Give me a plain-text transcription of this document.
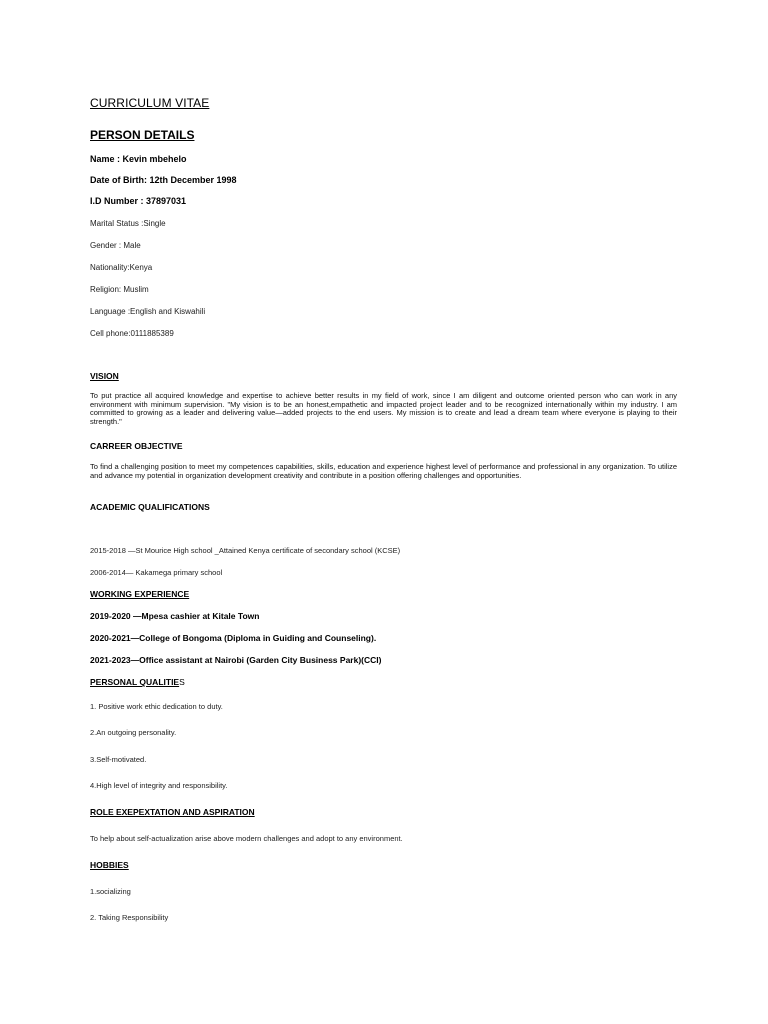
CURRICULUM VITAE
PERSON DETAILS
Name : Kevin mbehelo
Date of Birth: 12th December 1998
I.D Number : 37897031
Marital Status :Single
Gender : Male
Nationality:Kenya
Religion: Muslim
Language :English and Kiswahili
Cell phone:0111885389
VISION
To put practice all acquired knowledge and expertise to achieve better results in my field of work, since I am diligent and outcome oriented person who can work in any environment with minimum supervision. "My vision is to be an honest,empathetic and impacted project leader and to be recognized internationally within my industry. I am committed to growing as a leader and delivering value—added projects to the end users. My mission is to create and lead a dream team where everyone is playing to their strength."
CARREER OBJECTIVE
To find a challenging position to meet my competences capabilities, skills, education and experience highest level of performance and professional in any organization. To utilize and advance my potential in organization development creativity and contribute in a position offering challenges and opportunities.
ACADEMIC QUALIFICATIONS
2015-2018 —St Mourice High school _Attained Kenya certificate of secondary school (KCSE)
2006-2014— Kakamega primary school
WORKING EXPERIENCE
2019-2020 —Mpesa cashier at Kitale Town
2020-2021—College of Bongoma (Diploma in Guiding and Counseling).
2021-2023—Office assistant at Nairobi (Garden City Business Park)(CCI)
PERSONAL QUALITIES
1. Positive work ethic dedication to duty.
2.An outgoing personality.
3.Self-motivated.
4.High level of integrity and responsibility.
ROLE EXEPEXTATION AND ASPIRATION
To help about self-actualization arise above modern challenges and adopt to any environment.
HOBBIES
1.socializing
2. Taking Responsibility
